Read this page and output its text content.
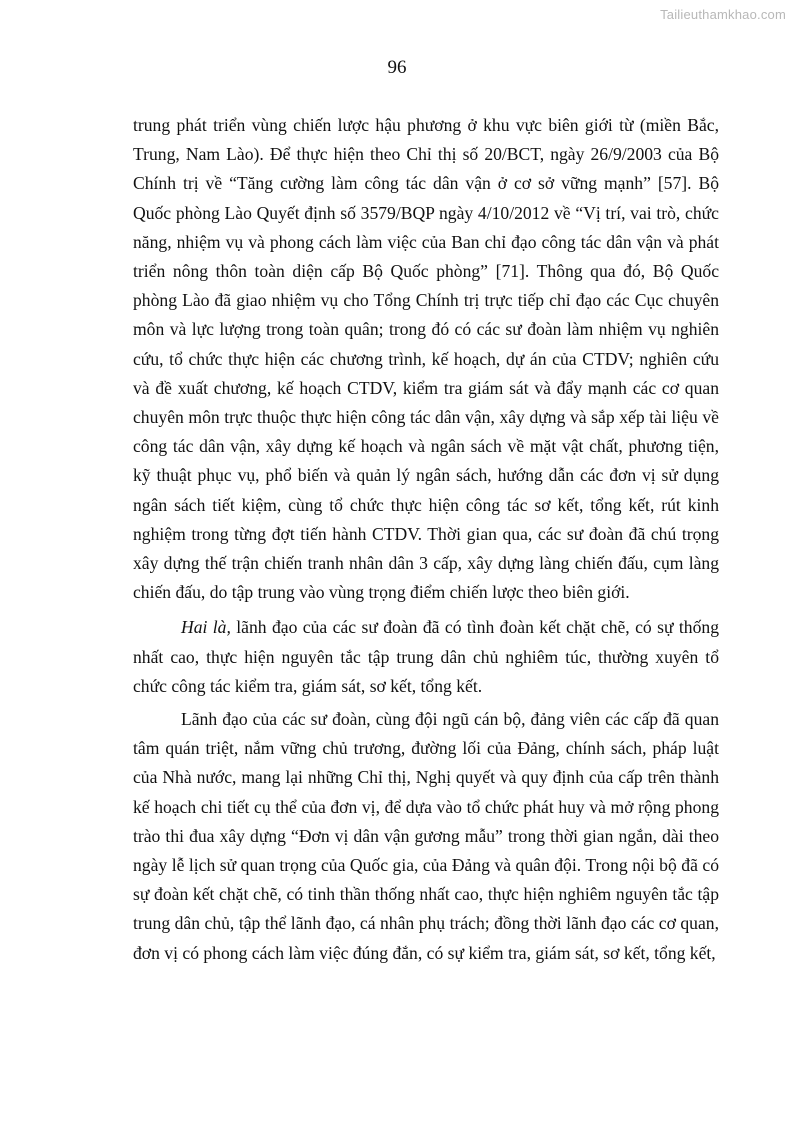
Tailieuthamkhao.com
96

trung phát triển vùng chiến lược hậu phương ở khu vực biên giới từ (miền Bắc, Trung, Nam Lào). Để thực hiện theo Chỉ thị số 20/BCT, ngày 26/9/2003 của Bộ Chính trị về “Tăng cường làm công tác dân vận ở cơ sở vững mạnh” [57]. Bộ Quốc phòng Lào Quyết định số 3579/BQP ngày 4/10/2012 về “Vị trí, vai trò, chức năng, nhiệm vụ và phong cách làm việc của Ban chỉ đạo công tác dân vận và phát triển nông thôn toàn diện cấp Bộ Quốc phòng” [71]. Thông qua đó, Bộ Quốc phòng Lào đã giao nhiệm vụ cho Tổng Chính trị trực tiếp chỉ đạo các Cục chuyên môn và lực lượng trong toàn quân; trong đó có các sư đoàn làm nhiệm vụ nghiên cứu, tổ chức thực hiện các chương trình, kế hoạch, dự án của CTDV; nghiên cứu và đề xuất chương, kế hoạch CTDV, kiểm tra giám sát và đẩy mạnh các cơ quan chuyên môn trực thuộc thực hiện công tác dân vận, xây dựng và sắp xếp tài liệu về công tác dân vận, xây dựng kế hoạch và ngân sách về mặt vật chất, phương tiện, kỹ thuật phục vụ, phổ biến và quản lý ngân sách, hướng dẫn các đơn vị sử dụng ngân sách tiết kiệm, cùng tổ chức thực hiện công tác sơ kết, tổng kết, rút kinh nghiệm trong từng đợt tiến hành CTDV. Thời gian qua, các sư đoàn đã chú trọng xây dựng thế trận chiến tranh nhân dân 3 cấp, xây dựng làng chiến đấu, cụm làng chiến đấu, do tập trung vào vùng trọng điểm chiến lược theo biên giới.

Hai là, lãnh đạo của các sư đoàn đã có tình đoàn kết chặt chẽ, có sự thống nhất cao, thực hiện nguyên tắc tập trung dân chủ nghiêm túc, thường xuyên tổ chức công tác kiểm tra, giám sát, sơ kết, tổng kết.

Lãnh đạo của các sư đoàn, cùng đội ngũ cán bộ, đảng viên các cấp đã quan tâm quán triệt, nắm vững chủ trương, đường lối của Đảng, chính sách, pháp luật của Nhà nước, mang lại những Chỉ thị, Nghị quyết và quy định của cấp trên thành kế hoạch chi tiết cụ thể của đơn vị, để dựa vào tổ chức phát huy và mở rộng phong trào thi đua xây dựng “Đơn vị dân vận gương mẫu” trong thời gian ngắn, dài theo ngày lễ lịch sử quan trọng của Quốc gia, của Đảng và quân đội. Trong nội bộ đã có sự đoàn kết chặt chẽ, có tinh thần thống nhất cao, thực hiện nghiêm nguyên tắc tập trung dân chủ, tập thể lãnh đạo, cá nhân phụ trách; đồng thời lãnh đạo các cơ quan, đơn vị có phong cách làm việc đúng đắn, có sự kiểm tra, giám sát, sơ kết, tổng kết,
